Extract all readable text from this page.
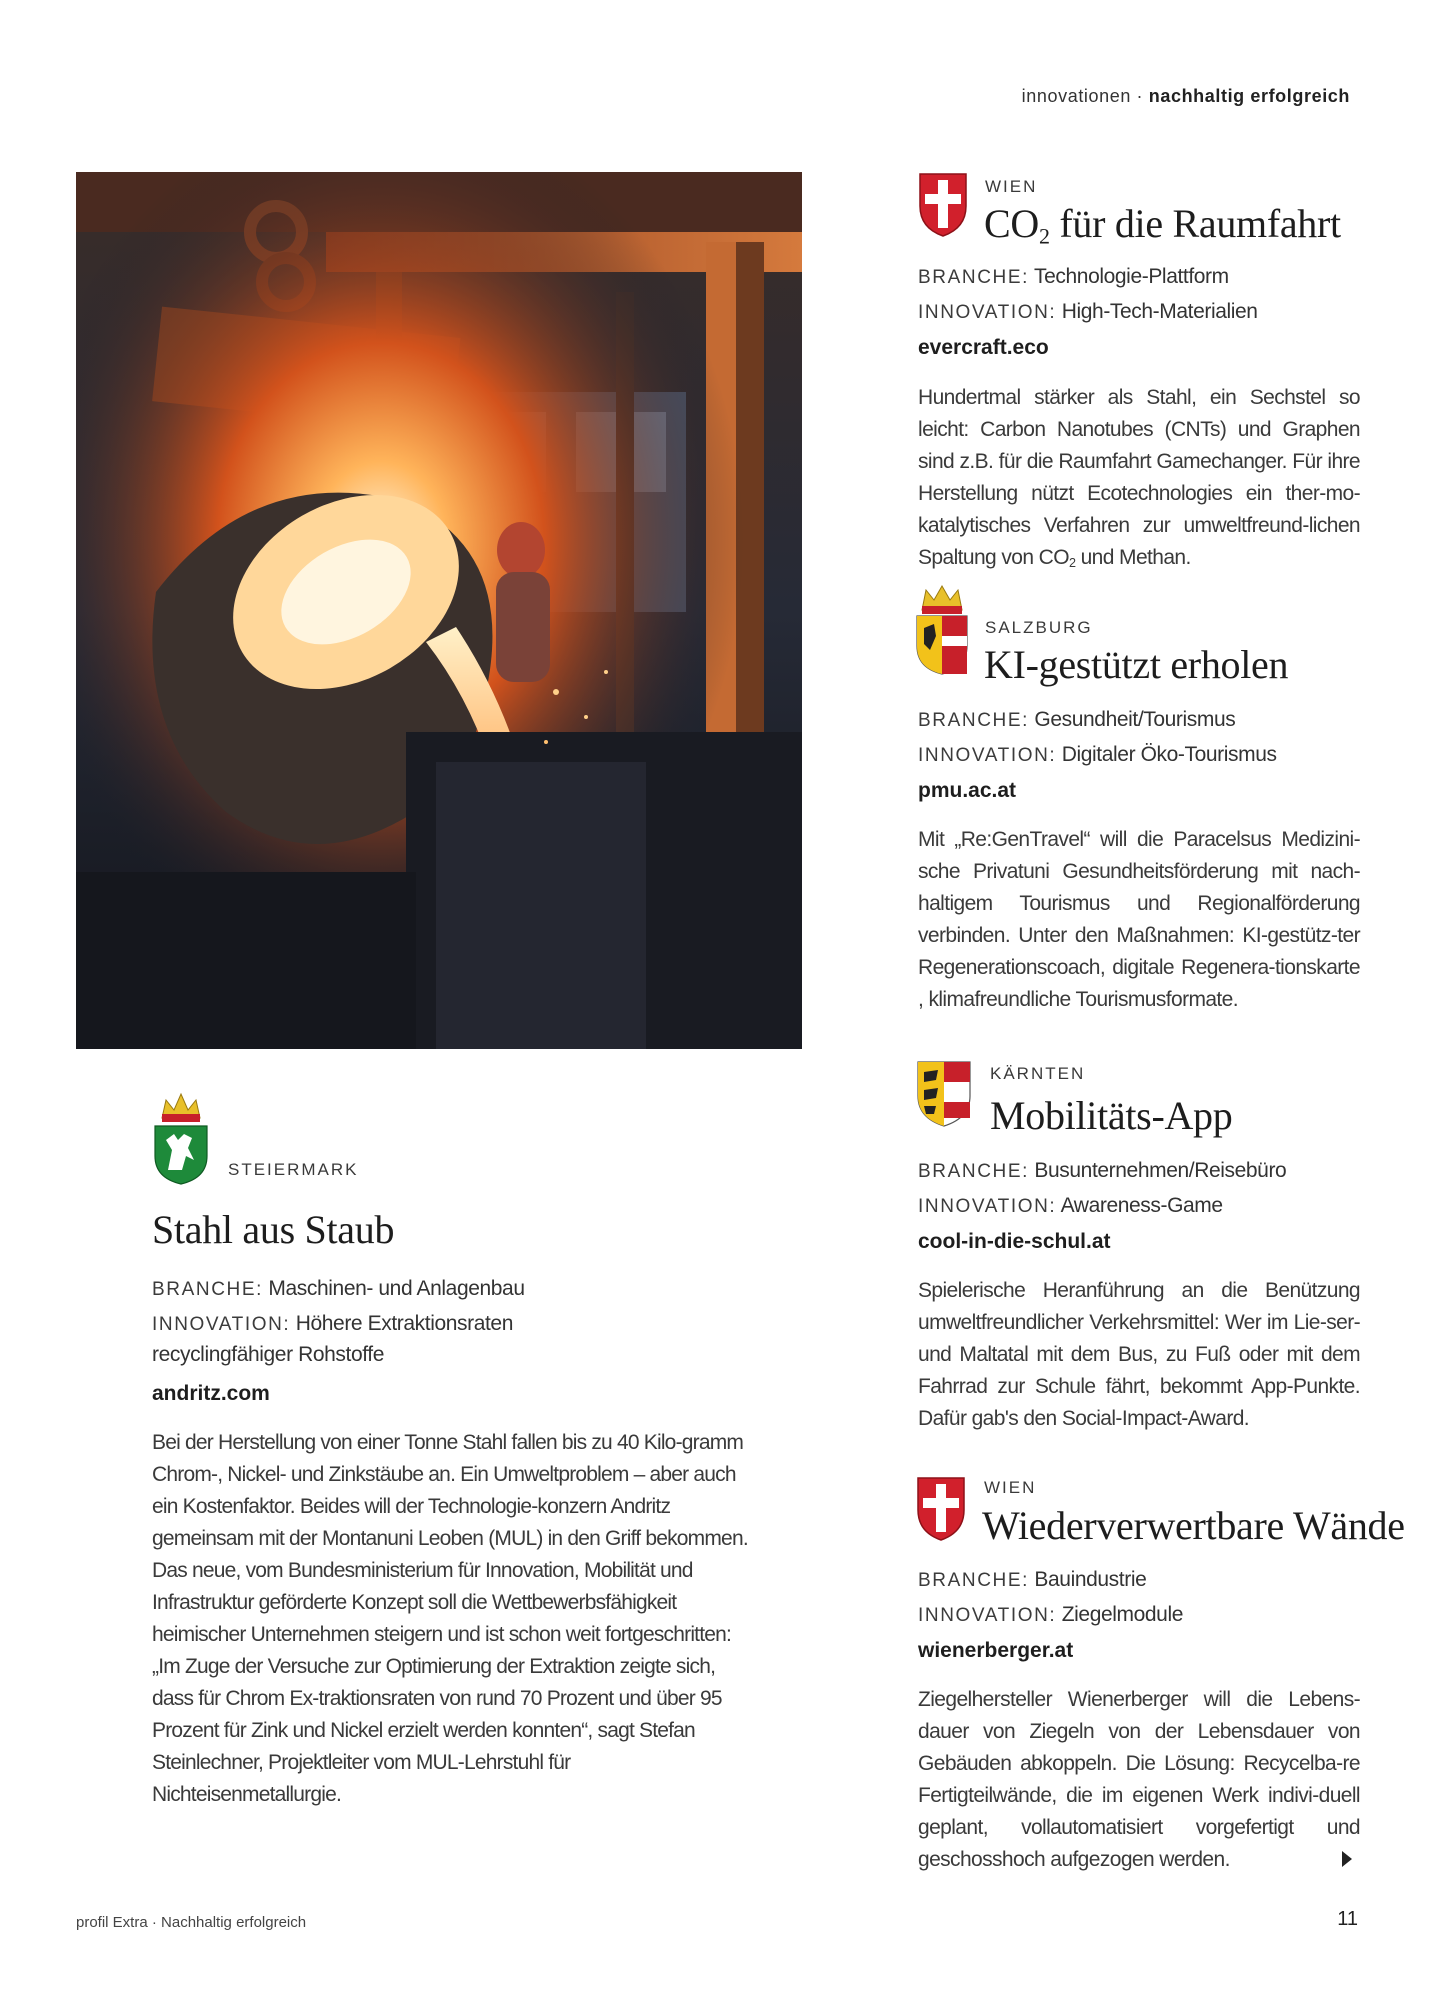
innovationen · nachhaltig erfolgreich
WIEN
$CO_2$ für die Raumfahrt
BRANCHE: Technologie-Plattform
INNOVATION: High-Tech-Materialien
evercraft.eco

Hundertmal stärker als Stahl, ein Sechstel so leicht: Carbon Nanotubes (CNTs) und Graphen sind z.B. für die Raumfahrt Gamechanger. Für ihre Herstellung nützt Ecotechnologies ein ther-mo-katalytisches Verfahren zur umweltfreund-lichen Spaltung von $CO_2$ und Methan.

SALZBURG
KI-gestützt erholen
BRANCHE: Gesundheit/Tourismus
INNOVATION: Digitaler Öko-Tourismus
pmu.ac.at

Mit „Re:GenTravel“ will die Paracelsus Medizini-sche Privatuni Gesundheitsförderung mit nach-haltigem Tourismus und Regionalförderung verbinden. Unter den Maßnahmen: KI-gestütz-ter Regenerationscoach, digitale Regenera-tionskarte , klimafreundliche Tourismusformate.

KÄRNTEN
Mobilitäts-App
BRANCHE: Busunternehmen/Reisebüro
INNOVATION: Awareness-Game
cool-in-die-schul.at

Spielerische Heranführung an die Benützung umweltfreundlicher Verkehrsmittel: Wer im Lie-ser- und Maltatal mit dem Bus, zu Fuß oder mit dem Fahrrad zur Schule fährt, bekommt App-Punkte. Dafür gab's den Social-Impact-Award.

WIEN
Wiederverwertbare Wände
BRANCHE: Bauindustrie
INNOVATION: Ziegelmodule
wienerberger.at

Ziegelhersteller Wienerberger will die Lebens-dauer von Ziegeln von der Lebensdauer von Gebäuden abkoppeln. Die Lösung: Recycelba-re Fertigteilwände, die im eigenen Werk indivi-duell geplant, vollautomatisiert vorgefertigt und geschosshoch aufgezogen werden.

STEIERMARK
Stahl aus Staub
BRANCHE: Maschinen- und Anlagenbau
INNOVATION: Höhere Extraktionsraten recyclingfähiger Rohstoffe
andritz.com

Bei der Herstellung von einer Tonne Stahl fallen bis zu 40 Kilo-gramm Chrom-, Nickel- und Zinkstäube an. Ein Umweltproblem – aber auch ein Kostenfaktor. Beides will der Technologie-konzern Andritz gemeinsam mit der Montanuni Leoben (MUL) in den Griff bekommen. Das neue, vom Bundesministerium für Innovation, Mobilität und Infrastruktur geförderte Konzept soll die Wettbewerbsfähigkeit heimischer Unternehmen steigern und ist schon weit fortgeschritten: „Im Zuge der Versuche zur Optimierung der Extraktion zeigte sich, dass für Chrom Ex-traktionsraten von rund 70 Prozent und über 95 Prozent für Zink und Nickel erzielt werden konnten“, sagt Stefan Steinlechner, Projektleiter vom MUL-Lehrstuhl für Nichteisenmetallurgie.

profil Extra · Nachhaltig erfolgreich	11
